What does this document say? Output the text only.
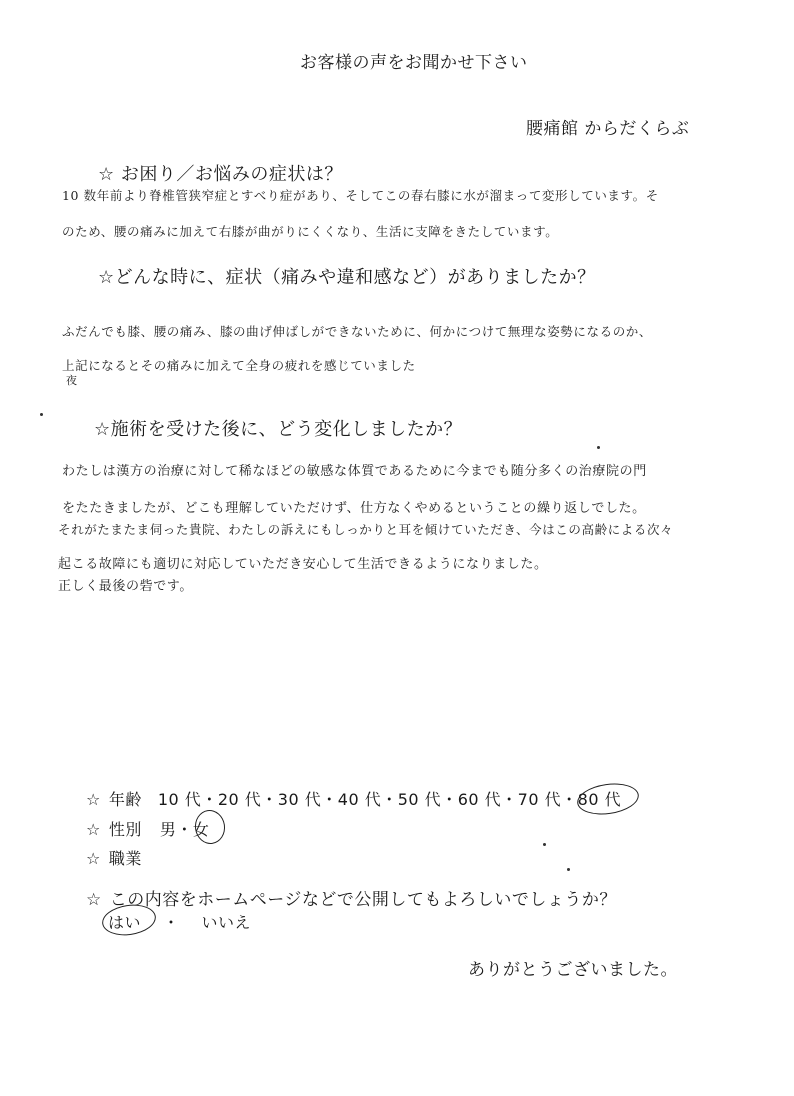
お客様の声をお聞かせ下さい
腰痛館 からだくらぶ
☆ お困り／お悩みの症状は？
10 数年前より脊椎管狭窄症とすべり症があり、そしてこの春右膝に水が溜まって変形しています。そ
のため、腰の痛みに加えて右膝が曲がりにくくなり、生活に支障をきたしています。
☆どんな時に、症状（痛みや違和感など）がありましたか？
ふだんでも膝、腰の痛み、膝の曲げ伸ばしができないために、何かにつけて無理な姿勢になるのか、
上記になるとその痛みに加えて全身の疲れを感じていました
夜
☆施術を受けた後に、どう変化しましたか？
わたしは漢方の治療に対して稀なほどの敏感な体質であるために今までも随分多くの治療院の門
をたたきましたが、どこも理解していただけず、仕方なくやめるということの繰り返しでした。
それがたまたま伺った貴院、わたしの訴えにもしっかりと耳を傾けていただき、今はこの高齢による次々
起こる故障にも適切に対応していただき安心して生活できるようになりました。
正しく最後の砦です。
☆ 年齢 10 代・20 代・30 代・40 代・50 代・60 代・70 代・80 代
☆ 性別 男・女
☆ 職業
☆ この内容をホームページなどで公開してもよろしいでしょうか？
はい ・ いいえ
ありがとうございました。
